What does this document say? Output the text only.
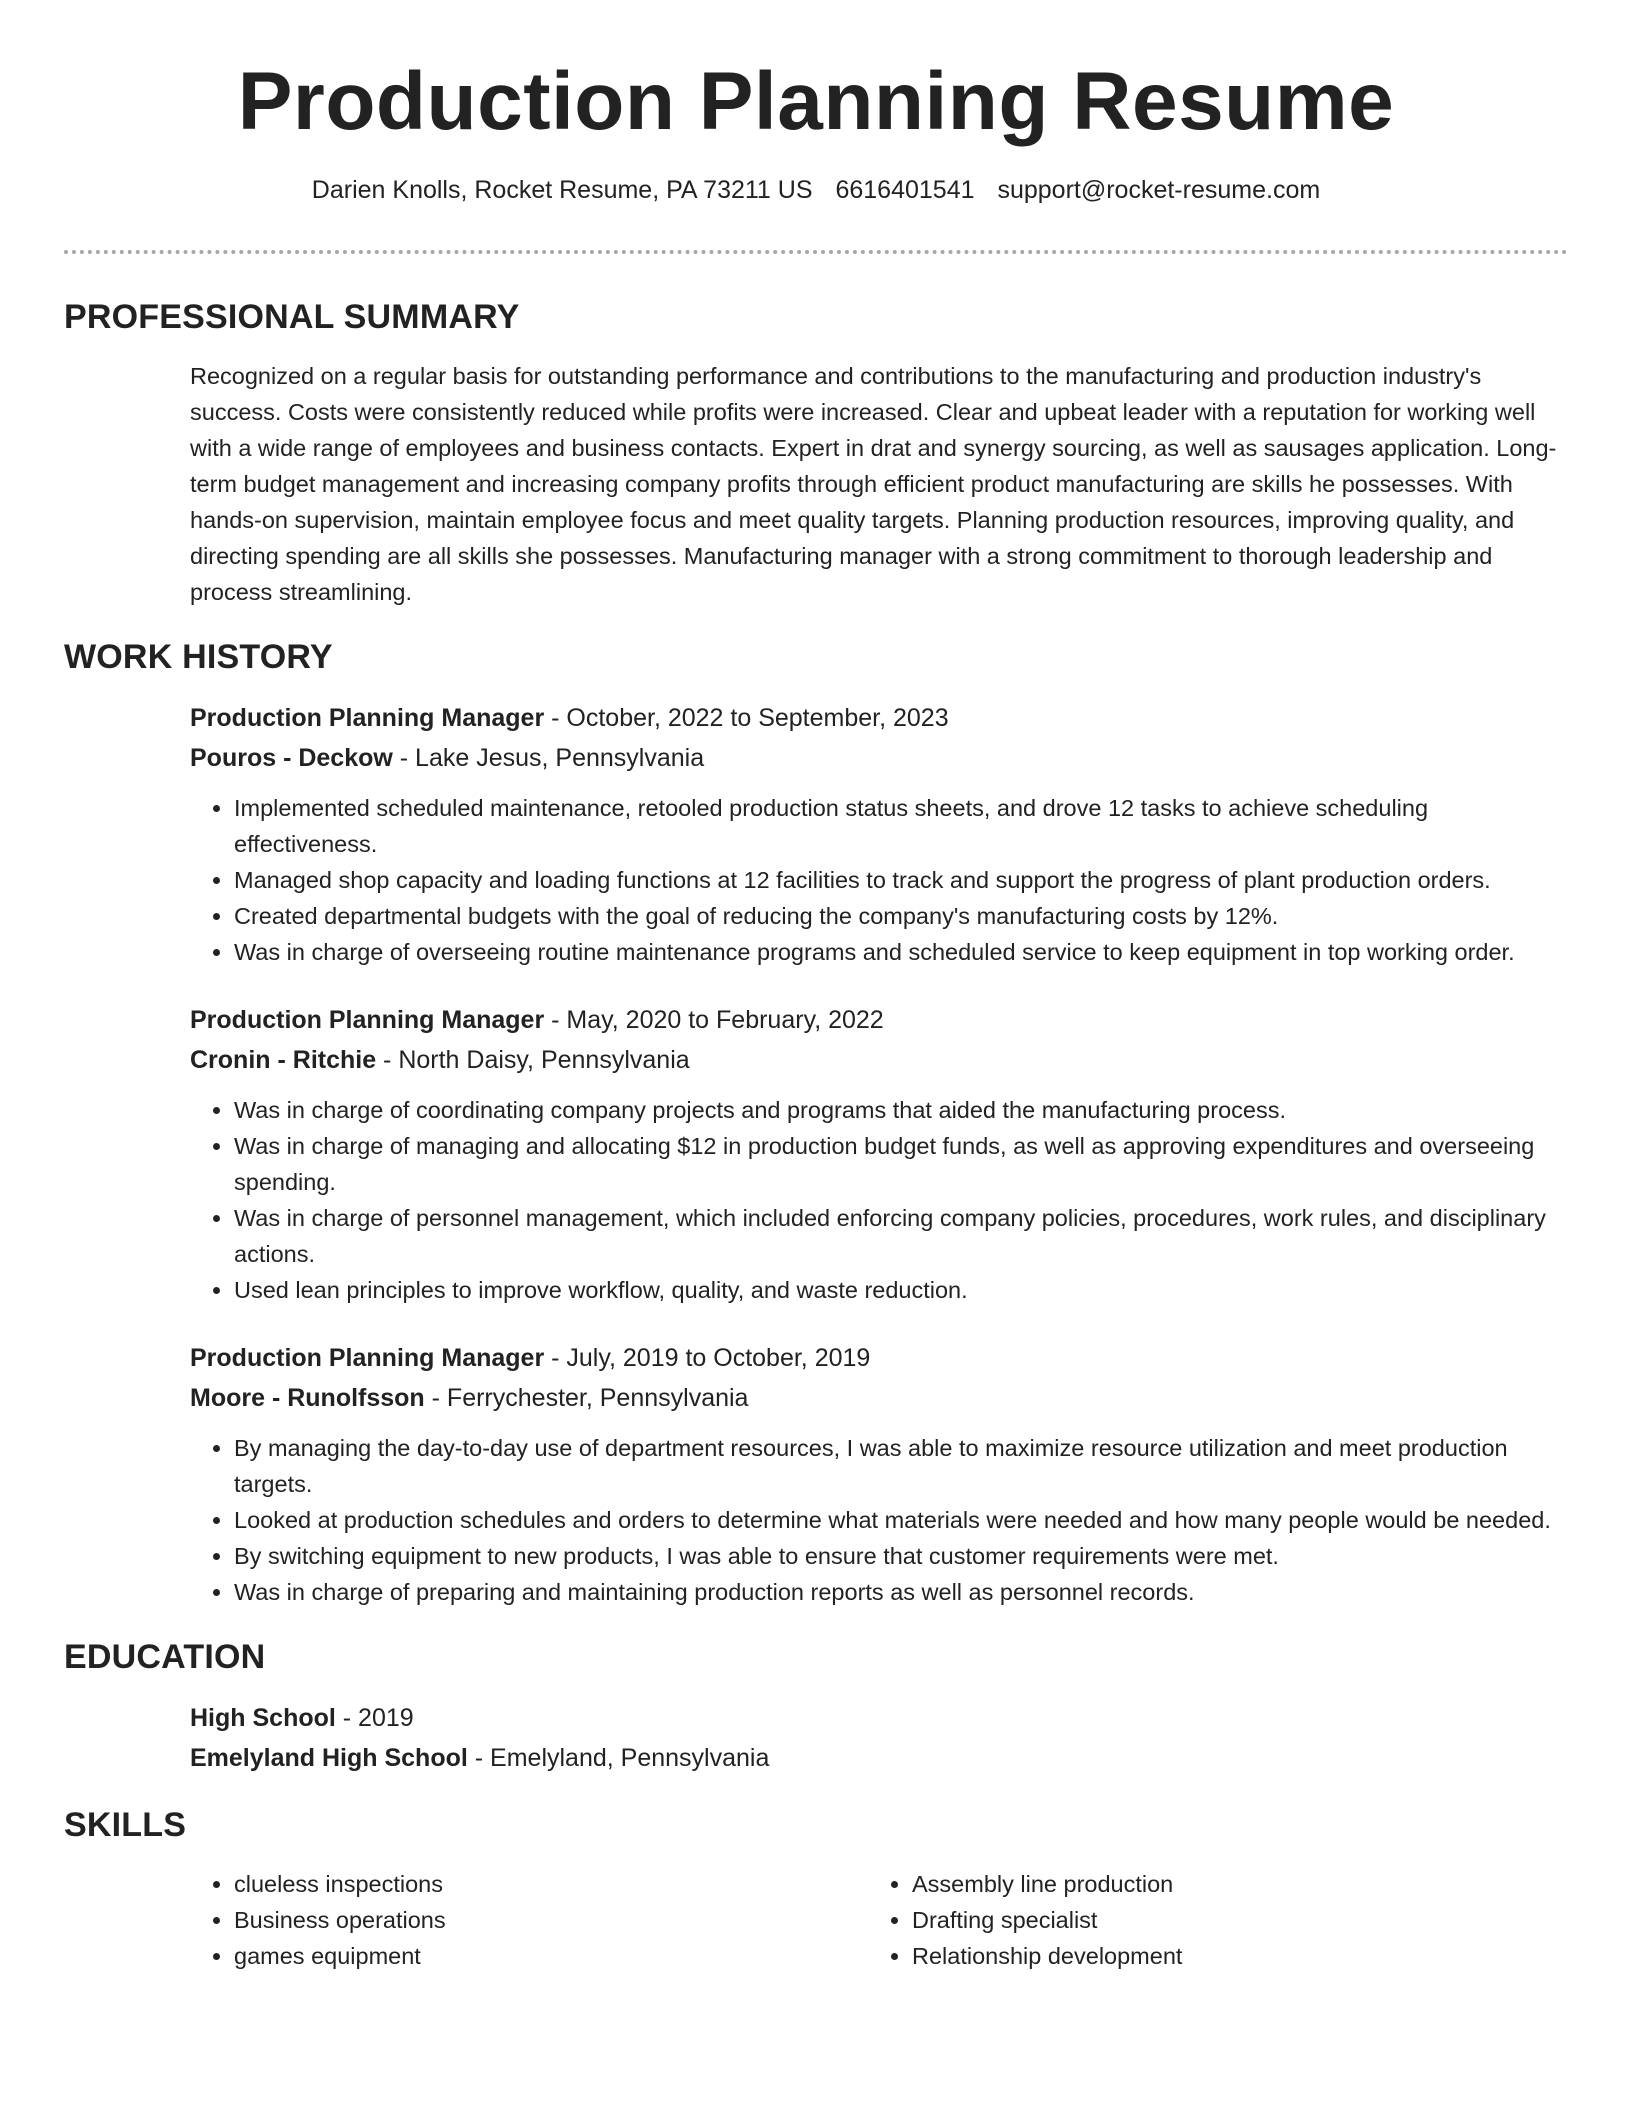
Production Planning Resume
Darien Knolls, Rocket Resume, PA 73211 US 6616401541 support@rocket-resume.com
PROFESSIONAL SUMMARY
Recognized on a regular basis for outstanding performance and contributions to the manufacturing and production industry's success. Costs were consistently reduced while profits were increased. Clear and upbeat leader with a reputation for working well with a wide range of employees and business contacts. Expert in drat and synergy sourcing, as well as sausages application. Long-term budget management and increasing company profits through efficient product manufacturing are skills he possesses. With hands-on supervision, maintain employee focus and meet quality targets. Planning production resources, improving quality, and directing spending are all skills she possesses. Manufacturing manager with a strong commitment to thorough leadership and process streamlining.
WORK HISTORY
Production Planning Manager - October, 2022 to September, 2023
Pouros - Deckow - Lake Jesus, Pennsylvania
• Implemented scheduled maintenance, retooled production status sheets, and drove 12 tasks to achieve scheduling effectiveness.
• Managed shop capacity and loading functions at 12 facilities to track and support the progress of plant production orders.
• Created departmental budgets with the goal of reducing the company's manufacturing costs by 12%.
• Was in charge of overseeing routine maintenance programs and scheduled service to keep equipment in top working order.
Production Planning Manager - May, 2020 to February, 2022
Cronin - Ritchie - North Daisy, Pennsylvania
• Was in charge of coordinating company projects and programs that aided the manufacturing process.
• Was in charge of managing and allocating $12 in production budget funds, as well as approving expenditures and overseeing spending.
• Was in charge of personnel management, which included enforcing company policies, procedures, work rules, and disciplinary actions.
• Used lean principles to improve workflow, quality, and waste reduction.
Production Planning Manager - July, 2019 to October, 2019
Moore - Runolfsson - Ferrychester, Pennsylvania
• By managing the day-to-day use of department resources, I was able to maximize resource utilization and meet production targets.
• Looked at production schedules and orders to determine what materials were needed and how many people would be needed.
• By switching equipment to new products, I was able to ensure that customer requirements were met.
• Was in charge of preparing and maintaining production reports as well as personnel records.
EDUCATION
High School - 2019
Emelyland High School - Emelyland, Pennsylvania
SKILLS
• clueless inspections
• Business operations
• games equipment
• Assembly line production
• Drafting specialist
• Relationship development
